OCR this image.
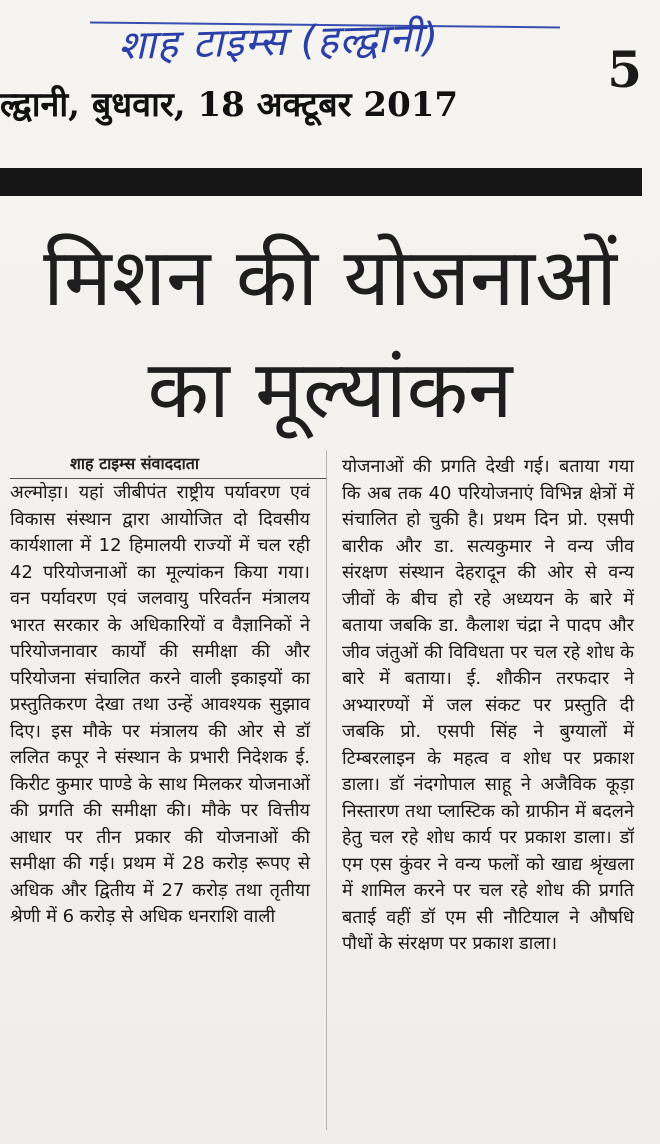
शाह टाइम्स (हल्द्वानी)	5
ल्द्वानी, बुधवार, 18 अक्टूबर 2017
मिशन की योजनाओं का मूल्यांकन
शाह टाइम्स संवाददाता

अल्मोड़ा। यहां जीबीपंत राष्ट्रीय पर्यावरण एवं विकास संस्थान द्वारा आयोजित दो दिवसीय कार्यशाला में 12 हिमालयी राज्यों में चल रही 42 परियोजनाओं का मूल्यांकन किया गया। वन पर्यावरण एवं जलवायु परिवर्तन मंत्रालय भारत सरकार के अधिकारियों व वैज्ञानिकों ने परियोजनावार कार्यों की समीक्षा की और परियोजना संचालित करने वाली इकाइयों का प्रस्तुतिकरण देखा तथा उन्हें आवश्यक सुझाव दिए। इस मौके पर मंत्रालय की ओर से डॉ ललित कपूर ने संस्थान के प्रभारी निदेशक ई. किरीट कुमार पाण्डे के साथ मिलकर योजनाओं की प्रगति की समीक्षा की। मौके पर वित्तीय आधार पर तीन प्रकार की योजनाओं की समीक्षा की गई। प्रथम में 28 करोड़ रूपए से अधिक और द्वितीय में 27 करोड़ तथा तृतीया श्रेणी में 6 करोड़ से अधिक धनराशि वाली

योजनाओं की प्रगति देखी गई। बताया गया कि अब तक 40 परियोजनाएं विभिन्न क्षेत्रों में संचालित हो चुकी है। प्रथम दिन प्रो. एसपी बारीक और डा. सत्यकुमार ने वन्य जीव संरक्षण संस्थान देहरादून की ओर से वन्य जीवों के बीच हो रहे अध्ययन के बारे में बताया जबकि डा. कैलाश चंद्रा ने पादप और जीव जंतुओं की विविधता पर चल रहे शोध के बारे में बताया। ई. शौकीन तरफदार ने अभ्यारण्यों में जल संकट पर प्रस्तुति दी जबकि प्रो. एसपी सिंह ने बुग्यालों में टिम्बरलाइन के महत्व व शोध पर प्रकाश डाला। डॉ नंदगोपाल साहू ने अजैविक कूड़ा निस्तारण तथा प्लास्टिक को ग्राफीन में बदलने हेतु चल रहे शोध कार्य पर प्रकाश डाला। डॉ एम एस कुंवर ने वन्य फलों को खाद्य श्रृंखला में शामिल करने पर चल रहे शोध की प्रगति बताई वहीं डॉ एम सी नौटियाल ने औषधि पौधों के संरक्षण पर प्रकाश डाला।
